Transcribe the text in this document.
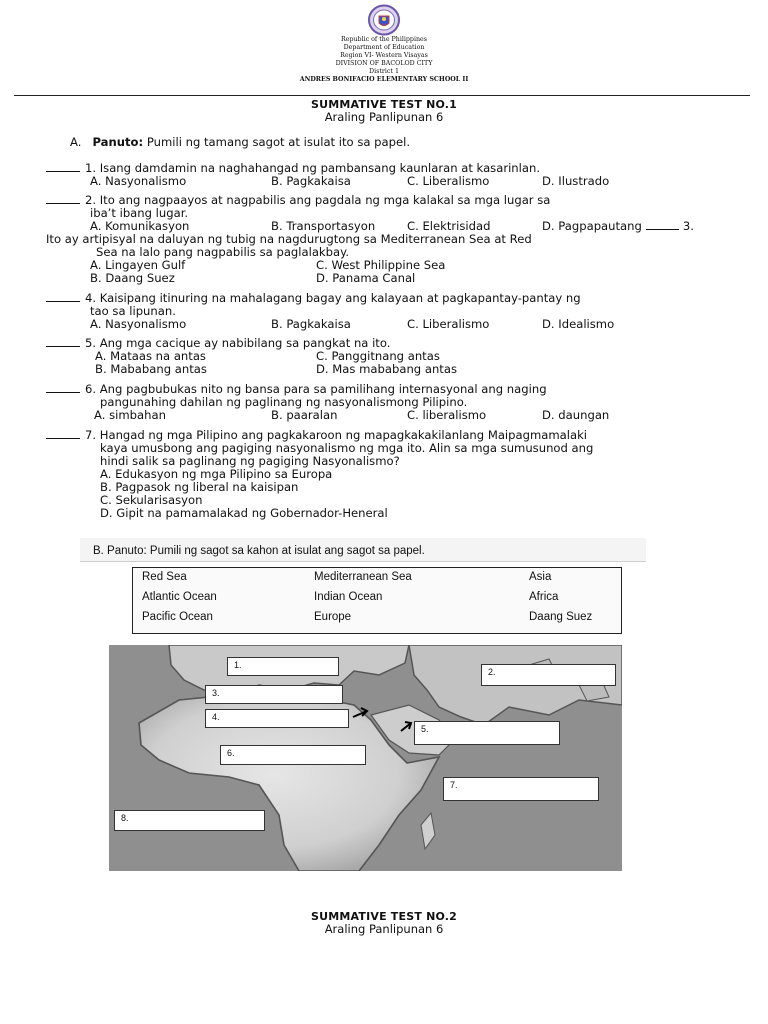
Republic of the Philippines
Department of Education
Region VI- Western Visayas
DIVISION OF BACOLOD CITY
District 1
ANDRES BONIFACIO ELEMENTARY SCHOOL II
SUMMATIVE TEST NO.1
Araling Panlipunan 6
A. Panuto: Pumili ng tamang sagot at isulat ito sa papel.
1. Isang damdamin na naghahangad ng pambansang kaunlaran at kasarinlan.
A. Nasyonalismo	B. Pagkakaisa	C. Liberalismo	D. Ilustrado
2. Ito ang nagpaayos at nagpabilis ang pagdala ng mga kalakal sa mga lugar sa
iba’t ibang lugar.
A. Komunikasyon	B. Transportasyon	C. Elektrisidad	D. Pagpapautang	3.
Ito ay artipisyal na daluyan ng tubig na nagdurugtong sa Mediterranean Sea at Red
Sea na lalo pang nagpabilis sa paglalakbay.
A. Lingayen Gulf	C. West Philippine Sea
B. Daang Suez	D. Panama Canal
4. Kaisipang itinuring na mahalagang bagay ang kalayaan at pagkapantay-pantay ng
tao sa lipunan.
A. Nasyonalismo	B. Pagkakaisa	C. Liberalismo	D. Idealismo
5. Ang mga cacique ay nabibilang sa pangkat na ito.
A. Mataas na antas	C. Panggitnang antas
B. Mababang antas	D. Mas mababang antas
6. Ang pagbubukas nito ng bansa para sa pamilihang internasyonal ang naging
pangunahing dahilan ng paglinang ng nasyonalismong Pilipino.
A. simbahan	B. paaralan	C. liberalismo	D. daungan
7. Hangad ng mga Pilipino ang pagkakaroon ng mapagkakakilanlang Maipagmamalaki
kaya umusbong ang pagiging nasyonalismo ng mga ito. Alin sa mga sumusunod ang
hindi salik sa paglinang ng pagiging Nasyonalismo?
A. Edukasyon ng mga Pilipino sa Europa
B. Pagpasok ng liberal na kaisipan
C. Sekularisasyon
D. Gipit na pamamalakad ng Gobernador-Heneral
B. Panuto: Pumili ng sagot sa kahon at isulat ang sagot sa papel.
Red Sea	Mediterranean Sea	Asia
Atlantic Ocean	Indian Ocean	Africa
Pacific Ocean	Europe	Daang Suez
1.
2.
3.
4.
5.
6.
7.
8.
SUMMATIVE TEST NO.2
Araling Panlipunan 6
